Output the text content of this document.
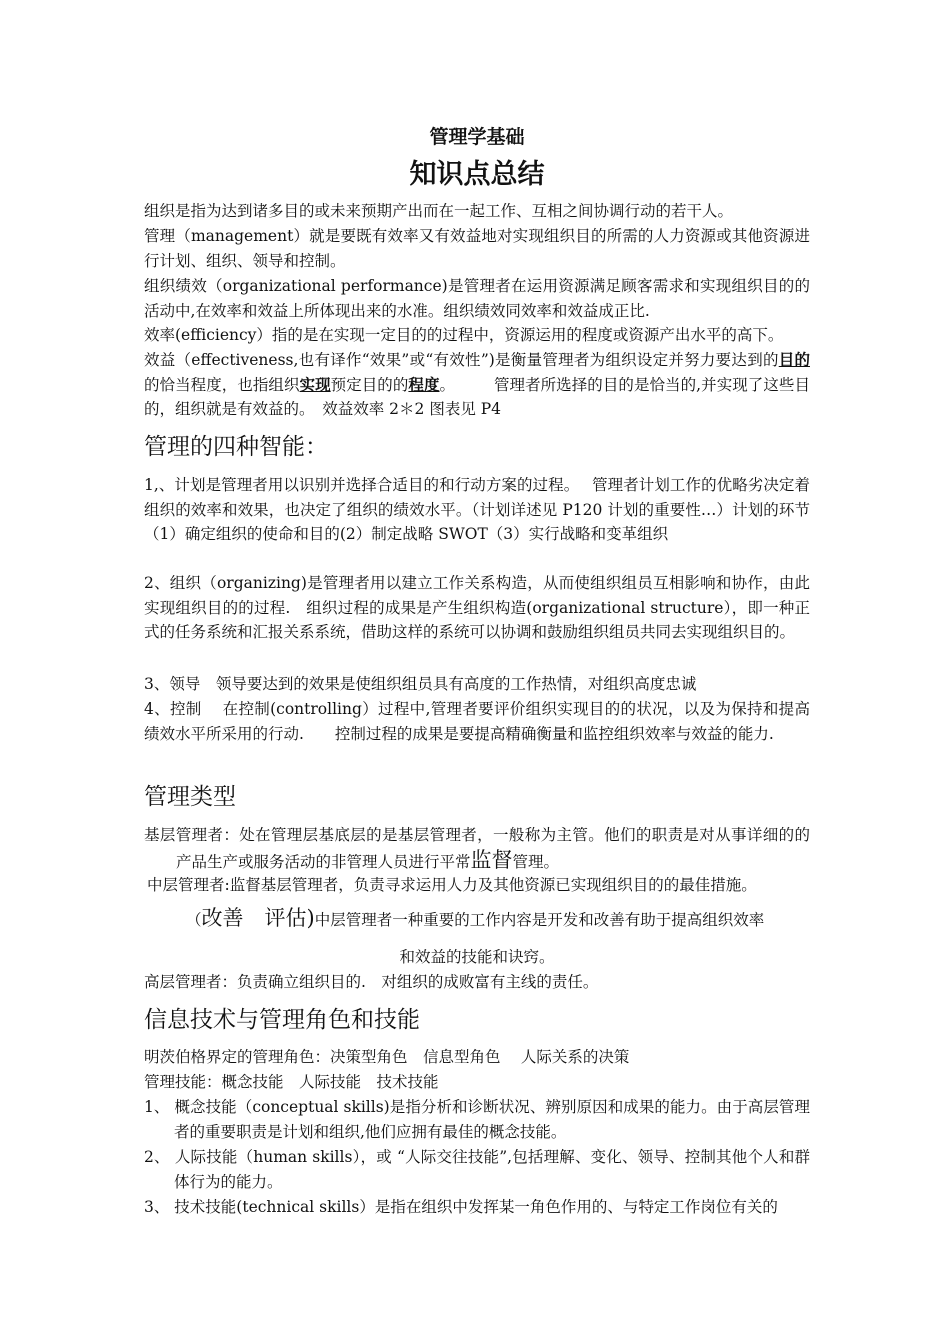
管理学基础
知识点总结
组织是指为达到诸多目的或未来预期产出而在一起工作、互相之间协调行动的若干人。
管理（management）就是要既有效率又有效益地对实现组织目的所需的人力资源或其他资源进行计划、组织、领导和控制。
组织绩效（organizational performance)是管理者在运用资源满足顾客需求和实现组织目的的活动中,在效率和效益上所体现出来的水准。组织绩效同效率和效益成正比.
效率(efficiency）指的是在实现一定目的的过程中，资源运用的程度或资源产出水平的高下。
效益（effectiveness,也有译作“效果”或“有效性”)是衡量管理者为组织设定并努力要达到的目的的恰当程度，也指组织实现预定目的的程度。　　　管理者所选择的目的是恰当的,并实现了这些目的，组织就是有效益的。　效益效率 2＊2 图表见 P4
管理的四种智能：
1,、计划是管理者用以识别并选择合适目的和行动方案的过程。　 管理者计划工作的优略劣决定着组织的效率和效果，也决定了组织的绩效水平。（计划详述见 P120 计划的重要性…）计划的环节（1）确定组织的使命和目的(2）制定战略 SWOT（3）实行战略和变革组织
2、组织（organizing)是管理者用以建立工作关系构造，从而使组织组员互相影响和协作，由此实现组织目的的过程.　组织过程的成果是产生组织构造(organizational structure），即一种正式的任务系统和汇报关系系统，借助这样的系统可以协调和鼓励组织组员共同去实现组织目的。
3、领导　领导要达到的效果是使组织组员具有高度的工作热情，对组织高度忠诚
4、控制　 在控制(controlling）过程中,管理者要评价组织实现目的的状况，以及为保持和提高绩效水平所采用的行动.　　控制过程的成果是要提高精确衡量和监控组织效率与效益的能力.
管理类型
基层管理者：处在管理层基底层的是基层管理者，一般称为主管。他们的职责是对从事详细的的产品生产或服务活动的非管理人员进行平常监督管理。
中层管理者:监督基层管理者，负责寻求运用人力及其他资源已实现组织目的的最佳措施。
（改善　评估)中层管理者一种重要的工作内容是开发和改善有助于提高组织效率
和效益的技能和诀窍。
高层管理者：负责确立组织目的.　对组织的成败富有主线的责任。
信息技术与管理角色和技能
明茨伯格界定的管理角色：决策型角色　信息型角色　 人际关系的决策
管理技能：概念技能　人际技能　技术技能
1、 概念技能（conceptual skills)是指分析和诊断状况、辨别原因和成果的能力。由于高层管理者的重要职责是计划和组织,他们应拥有最佳的概念技能。
2、 人际技能（human skills），或 “人际交往技能”,包括理解、变化、领导、控制其他个人和群体行为的能力。
3、 技术技能(technical skills）是指在组织中发挥某一角色作用的、与特定工作岗位有关的
